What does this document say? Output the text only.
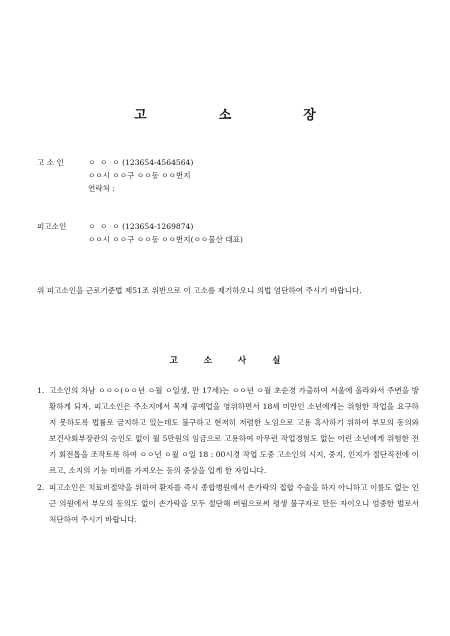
고	소	장
고 소 인	ㅇ  ㅇ  ㅇ (123654-4564564)
ㅇㅇ시 ㅇㅇ구 ㅇㅇ동 ㅇㅇ번지
연락처 :
피고소인	ㅇ  ㅇ  ㅇ (123654-1269874)
ㅇㅇ시 ㅇㅇ구 ㅇㅇ동 ㅇㅇ번지(ㅇㅇ물산 대표)
위 피고소인을 근로기준법 제51조 위반으로 이 고소를 제기하오니 의법 엄단하여 주시기 바랍니다.
고	소	사	실
1. 고소인의 차남 ㅇㅇㅇ(ㅇㅇ년 ㅇ월 ㅇ일생, 만 17세)는 ㅇㅇ년 ㅇ월 초순경 가출하여 서울에 올라와서 주변을 방황하게 되자, 피고소인은 주소지에서 목재 공예업을 영위하면서 18세 미만인 소년에게는 위험한 작업을 요구하지 못하도록 법률로 금지하고 있는데도 불구하고 현저히 저렴한 노임으로 고용 혹사하기 위하여 부모의 동의와 보건사회부장관의 승인도 없이 월 5만원의 임금으로 고용하여 아무런 작업경험도 없는 어린 소년에게 위험한 전기 회전톱을 조작토록 하여 ㅇㅇ년 ㅇ월 ㅇ일 18 : 00시경 작업 도중 고소인의 시지, 중지, 인지가 절단직전에 이르고, 소지의 기능 미비를 가져오는 등의 중상을 입게 한 자입니다.
2. 피고소인은 치료비절약을 위하여 환자를 즉시 종합병원에서 손가락의 접합 수술을 하지 아니하고 이름도 없는 인근 의원에서 부모의 동의도 없이 손가락을 모두 절단해 버림으로써 평생 불구자로 만든 자이오니 엄중한 벌로서 처단하여 주시기 바랍니다.
